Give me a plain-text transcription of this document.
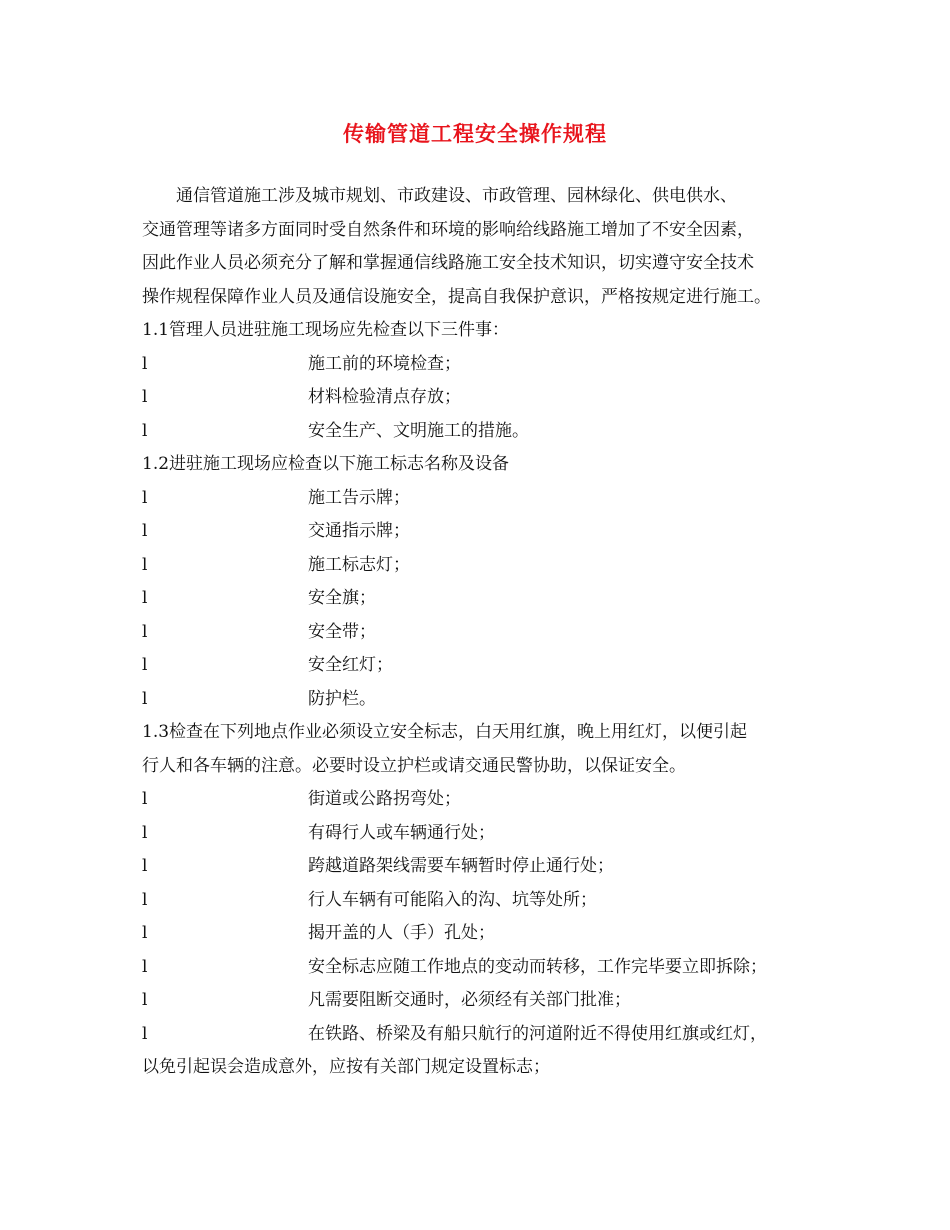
传输管道工程安全操作规程
通信管道施工涉及城市规划、市政建设、市政管理、园林绿化、供电供水、
交通管理等诸多方面同时受自然条件和环境的影响给线路施工增加了不安全因素，
因此作业人员必须充分了解和掌握通信线路施工安全技术知识，切实遵守安全技术
操作规程保障作业人员及通信设施安全，提高自我保护意识，严格按规定进行施工。
1.1管理人员进驻施工现场应先检查以下三件事：
l	施工前的环境检查；
l	材料检验清点存放；
l	安全生产、文明施工的措施。
1.2进驻施工现场应检查以下施工标志名称及设备
l	施工告示牌；
l	交通指示牌；
l	施工标志灯；
l	安全旗；
l	安全带；
l	安全红灯；
l	防护栏。
1.3检查在下列地点作业必须设立安全标志，白天用红旗，晚上用红灯，以便引起
行人和各车辆的注意。必要时设立护栏或请交通民警协助，以保证安全。
l	街道或公路拐弯处；
l	有碍行人或车辆通行处；
l	跨越道路架线需要车辆暂时停止通行处；
l	行人车辆有可能陷入的沟、坑等处所；
l	揭开盖的人（手）孔处；
l	安全标志应随工作地点的变动而转移，工作完毕要立即拆除；
l	凡需要阻断交通时，必须经有关部门批准；
l	在铁路、桥梁及有船只航行的河道附近不得使用红旗或红灯，
以免引起误会造成意外，应按有关部门规定设置标志；
